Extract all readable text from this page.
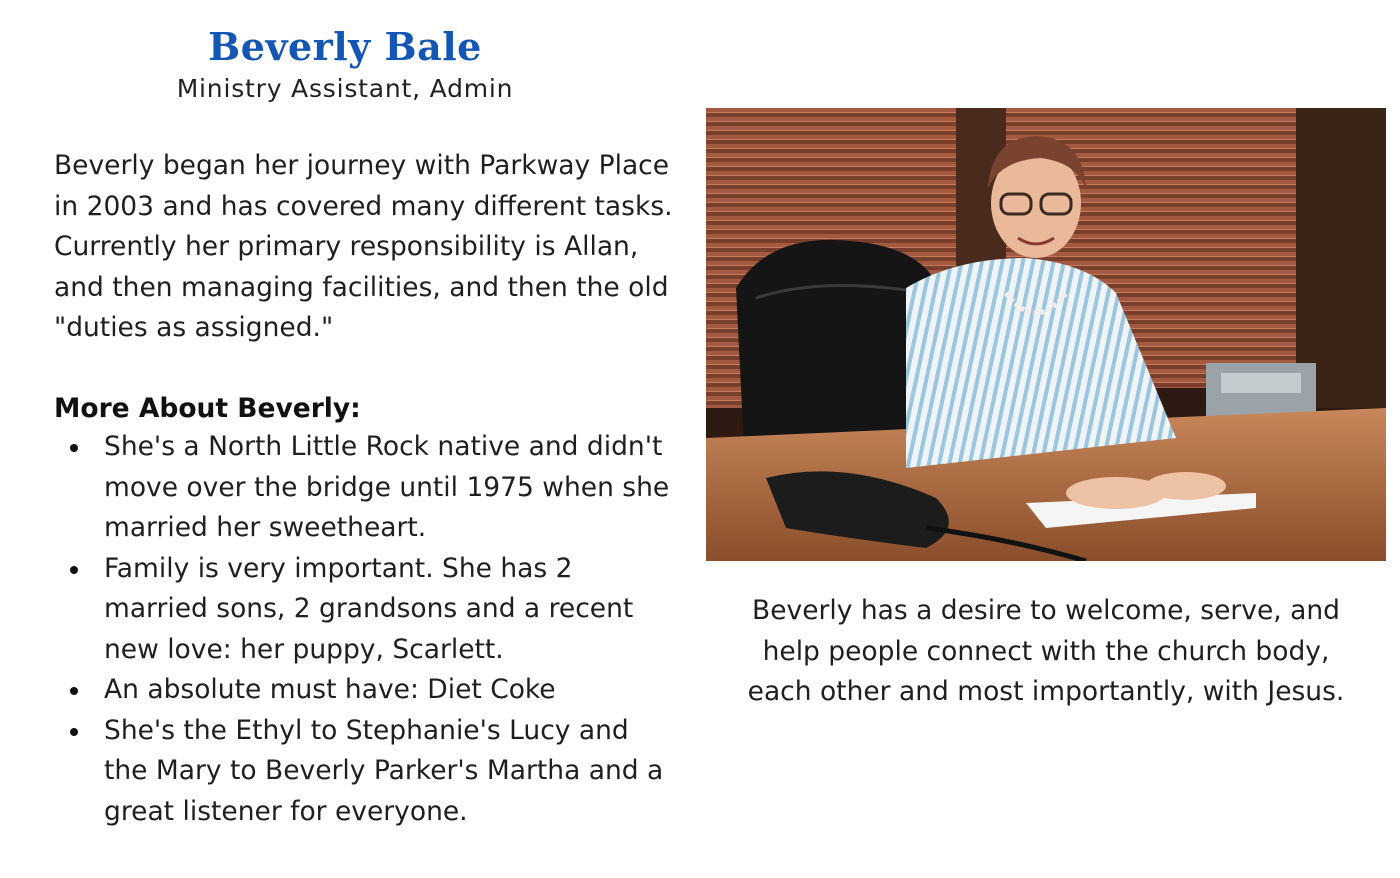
Beverly Bale
Ministry Assistant, Admin

Beverly began her journey with Parkway Place
in 2003 and has covered many different tasks.
Currently her primary responsibility is Allan,
and then managing facilities, and then the old
"duties as assigned."

More About Beverly:

She's a North Little Rock native and didn't
move over the bridge until 1975 when she
married her sweetheart.
Family is very important. She has 2
married sons, 2 grandsons and a recent
new love: her puppy, Scarlett.
An absolute must have: Diet Coke
She's the Ethyl to Stephanie's Lucy and
the Mary to Beverly Parker's Martha and a
great listener for everyone.

Beverly has a desire to welcome, serve, and
help people connect with the church body,
each other and most importantly, with Jesus.
